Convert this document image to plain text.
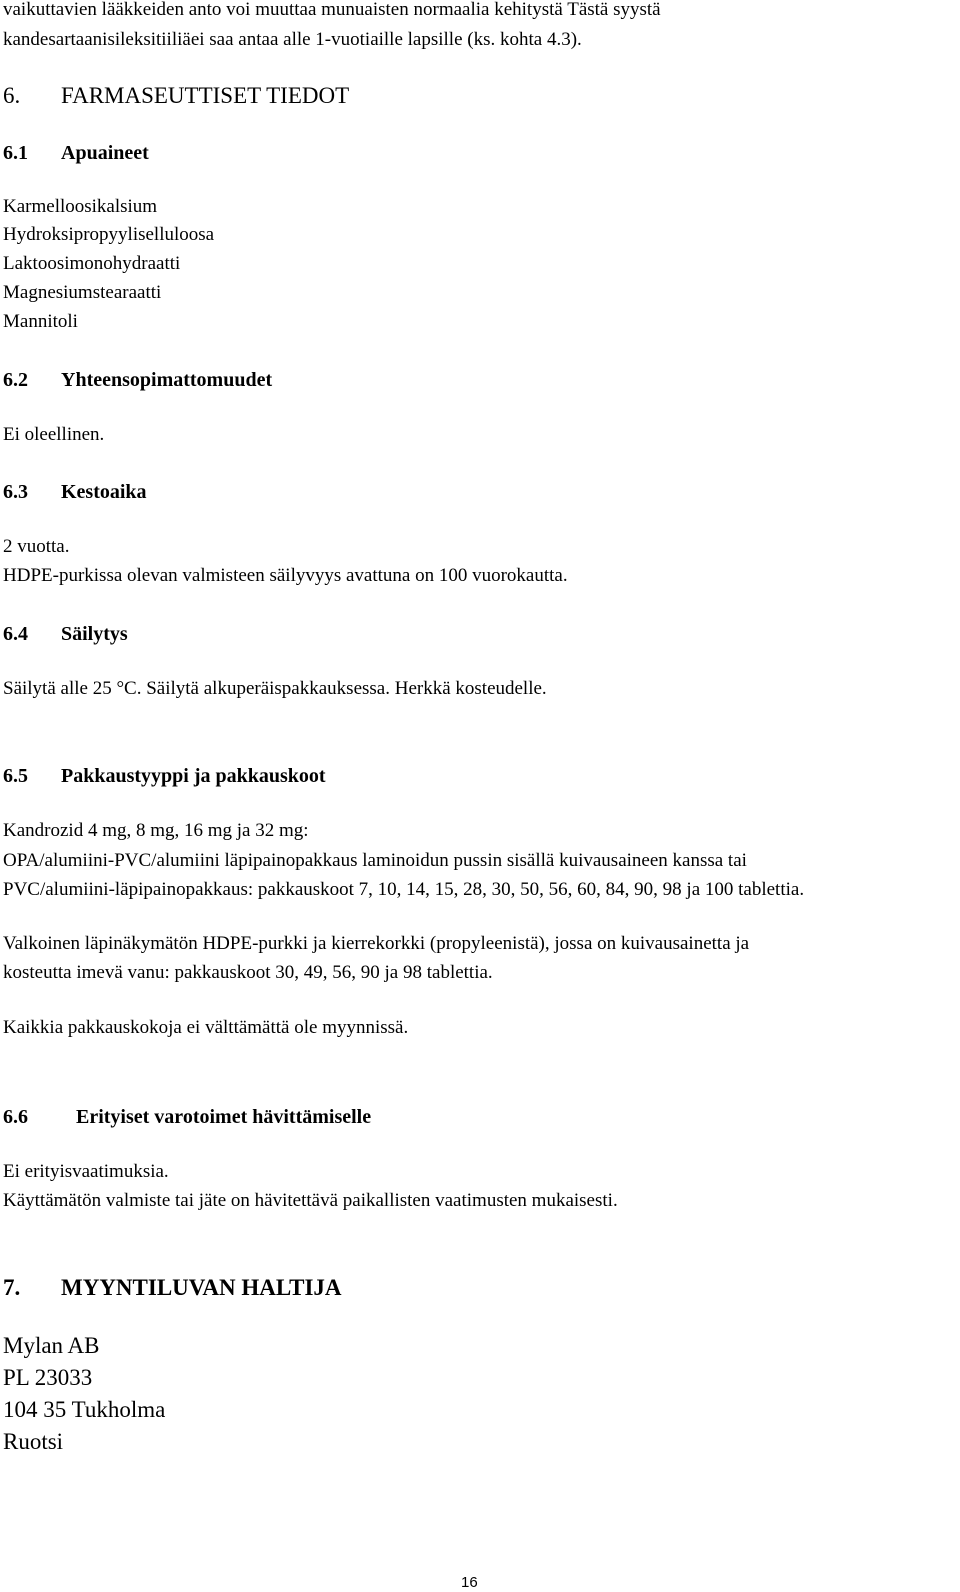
vaikuttavien lääkkeiden anto voi muuttaa munuaisten normaalia kehitystä Tästä syystä
kandesartaanisileksitiiliäei saa antaa alle 1-vuotiaille lapsille (ks. kohta 4.3).
6. FARMASEUTTISET TIEDOT
6.1 Apuaineet
Karmelloosikalsium
Hydroksipropyyliselluloosa
Laktoosimonohydraatti
Magnesiumstearaatti
Mannitoli
6.2 Yhteensopimattomuudet
Ei oleellinen.
6.3 Kestoaika
2 vuotta.
HDPE-purkissa olevan valmisteen säilyvyys avattuna on 100 vuorokautta.
6.4 Säilytys
Säilytä alle 25 °C. Säilytä alkuperäispakkauksessa. Herkkä kosteudelle.
6.5 Pakkaustyyppi ja pakkauskoot
Kandrozid 4 mg, 8 mg, 16 mg ja 32 mg:
OPA/alumiini-PVC/alumiini läpipainopakkaus laminoidun pussin sisällä kuivausaineen kanssa tai
PVC/alumiini-läpipainopakkaus: pakkauskoot 7, 10, 14, 15, 28, 30, 50, 56, 60, 84, 90, 98 ja 100 tablettia.
Valkoinen läpinäkymätön HDPE-purkki ja kierrekorkki (propyleenistä), jossa on kuivausainetta ja
kosteutta imevä vanu: pakkauskoot 30, 49, 56, 90 ja 98 tablettia.
Kaikkia pakkauskokoja ei välttämättä ole myynnissä.
6.6 Erityiset varotoimet hävittämiselle
Ei erityisvaatimuksia.
Käyttämätön valmiste tai jäte on hävitettävä paikallisten vaatimusten mukaisesti.
7. MYYNTILUVAN HALTIJA
Mylan AB
PL 23033
104 35 Tukholma
Ruotsi
16
